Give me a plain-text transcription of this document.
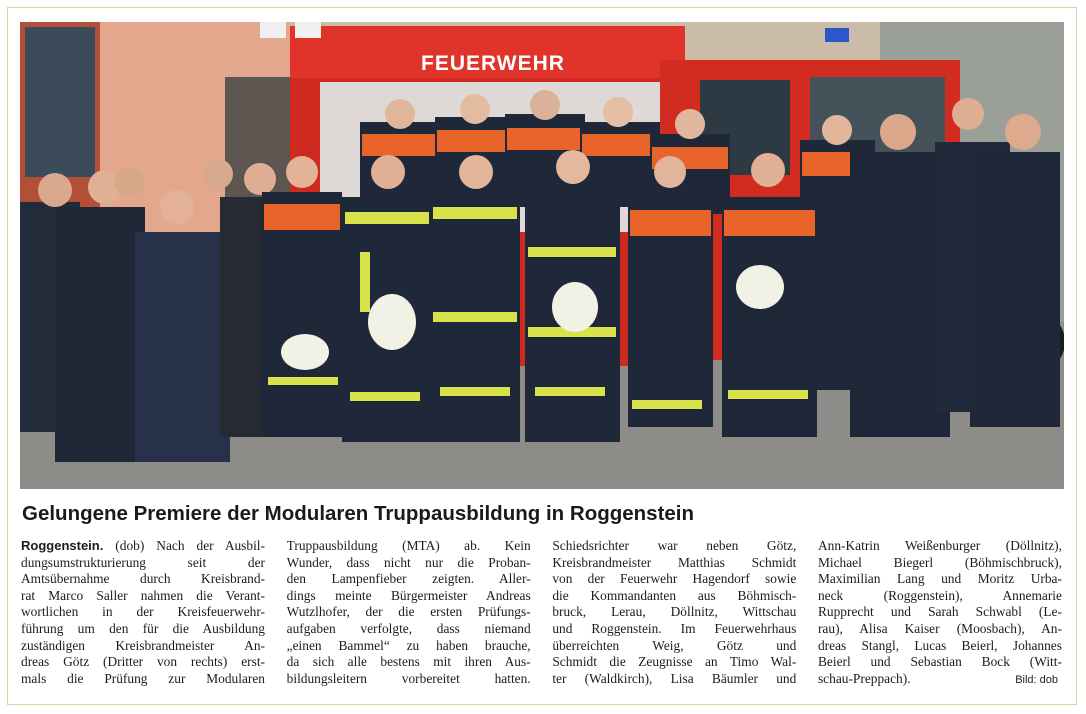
FEUERWEHR
Gelungene Premiere der Modularen Truppausbildung in Roggenstein
Roggenstein. (dob) Nach der Ausbil-
dungsumstrukturierung seit der
Amtsübernahme durch Kreisbrand-
rat Marco Saller nahmen die Verant-
wortlichen in der Kreisfeuerwehr-
führung um den für die Ausbildung
zuständigen Kreisbrandmeister An-
dreas Götz (Dritter von rechts) erst-
mals die Prüfung zur Modularen
Truppausbildung (MTA) ab. Kein
Wunder, dass nicht nur die Proban-
den Lampenfieber zeigten. Aller-
dings meinte Bürgermeister Andreas
Wutzlhofer, der die ersten Prüfungs-
aufgaben verfolgte, dass niemand
„einen Bammel“ zu haben brauche,
da sich alle bestens mit ihren Aus-
bildungsleitern vorbereitet hatten.
Schiedsrichter war neben Götz,
Kreisbrandmeister Matthias Schmidt
von der Feuerwehr Hagendorf sowie
die Kommandanten aus Böhmisch-
bruck, Lerau, Döllnitz, Wittschau
und Roggenstein. Im Feuerwehrhaus
überreichten Weig, Götz und
Schmidt die Zeugnisse an Timo Wal-
ter (Waldkirch), Lisa Bäumler und
Ann-Katrin Weißenburger (Döllnitz),
Michael Biegerl (Böhmischbruck),
Maximilian Lang und Moritz Urba-
neck (Roggenstein), Annemarie
Rupprecht und Sarah Schwabl (Le-
rau), Alisa Kaiser (Moosbach), An-
dreas Stangl, Lucas Beierl, Johannes
Beierl und Sebastian Bock (Witt-
schau-Preppach).	Bild: dob
